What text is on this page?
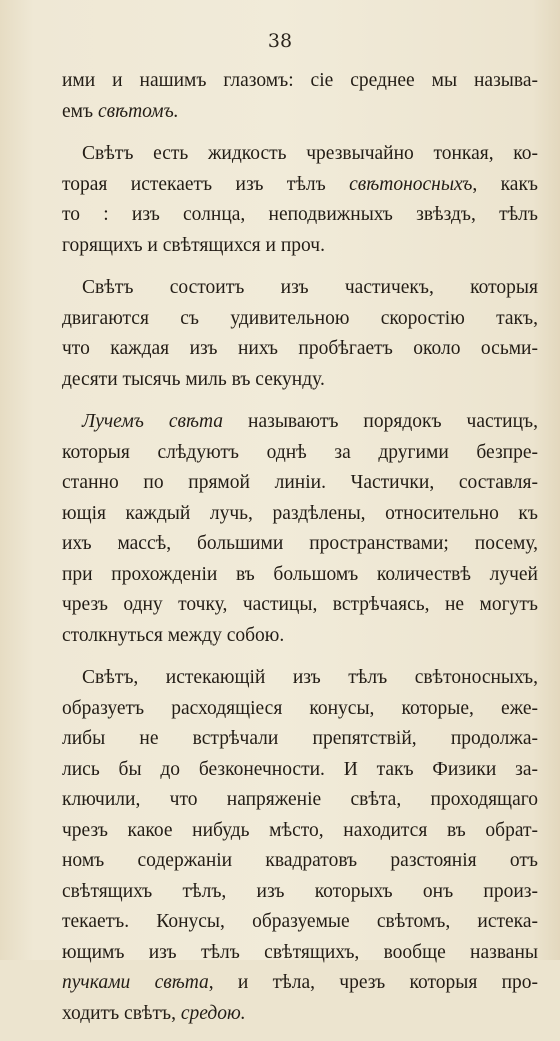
38
ими и нашимъ глазомъ: сiе среднее мы называ-
емъ свѣтомъ.
Свѣтъ есть жидкость чрезвычайно тонкая, ко-
торая истекаетъ изъ тѣлъ свѣтоносныхъ, какъ
то : изъ солнца, неподвижныхъ звѣздъ, тѣлъ
горящихъ и свѣтящихся и проч.
Свѣтъ состоитъ изъ частичекъ, которыя
двигаются съ удивительною скоростiю такъ,
что каждая изъ нихъ пробѣгаетъ около осьми-
десяти тысячь миль въ секунду.
Лучемъ свѣта называютъ порядокъ частицъ,
которыя слѣдуютъ однѣ за другими безпре-
станно по прямой линiи. Частички, составля-
ющiя каждый лучь, раздѣлены, относительно къ
ихъ массѣ, большими пространствами; посему,
при прохожденiи въ большомъ количествѣ лучей
чрезъ одну точку, частицы, встрѣчаясь, не могутъ
столкнуться между собою.
Свѣтъ, истекающiй изъ тѣлъ свѣтоносныхъ,
образуетъ расходящiеся конусы, которые, еже-
либы не встрѣчали препятствiй, продолжа-
лись бы до безконечности. И такъ Физики за-
ключили, что напряженiе свѣта, проходящаго
чрезъ какое нибудь мѣсто, находится въ обрат-
номъ содержанiи квадратовъ разстоянiя отъ
свѣтящихъ тѣлъ, изъ которыхъ онъ произ-
текаетъ. Конусы, образуемые свѣтомъ, истека-
ющимъ изъ тѣлъ свѣтящихъ, вообще названы
пучками свѣта, и тѣла, чрезъ которыя про-
ходитъ свѣтъ, средою.
